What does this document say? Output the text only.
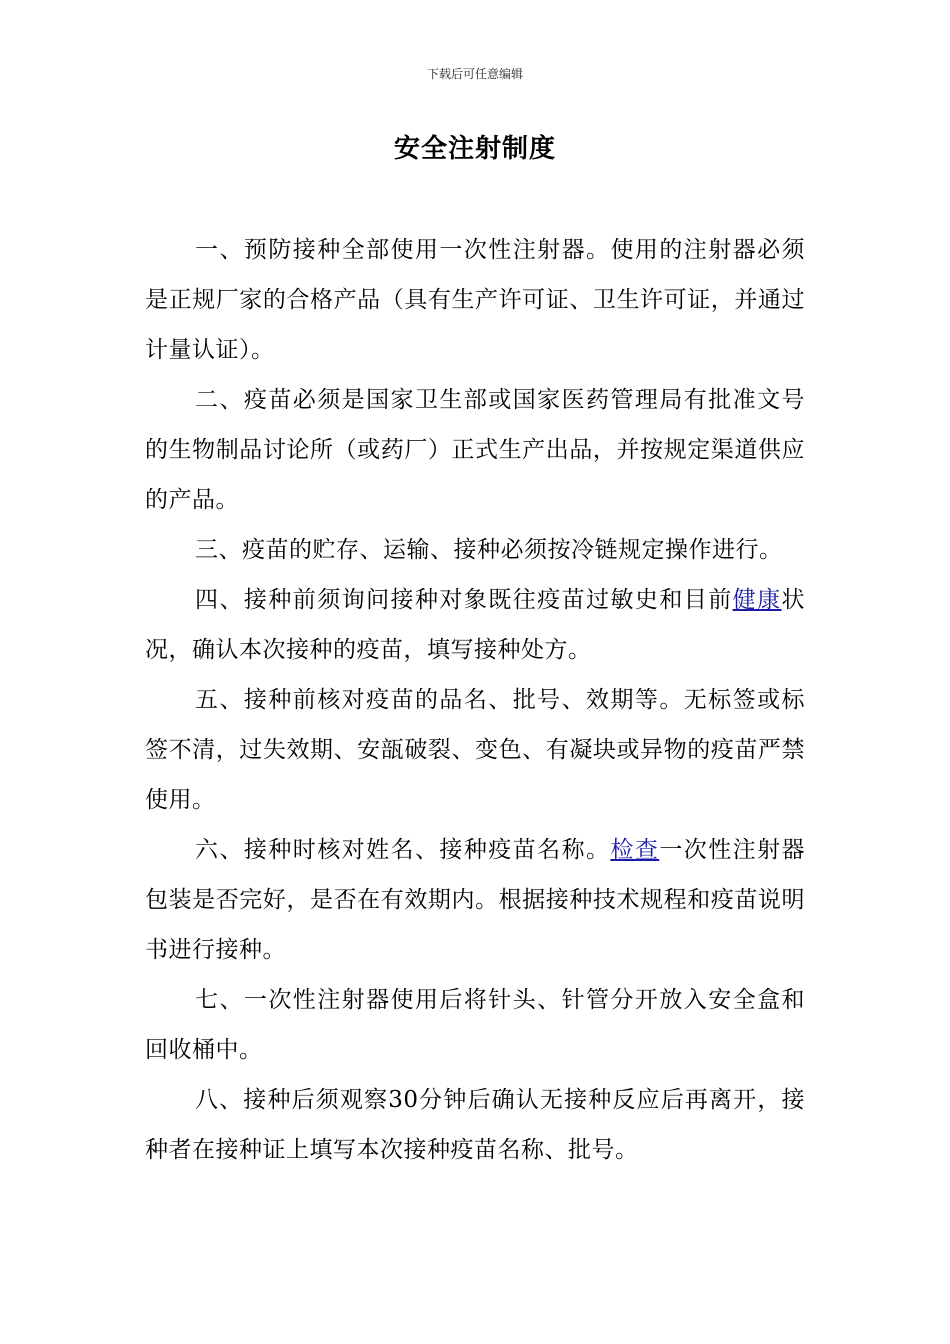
下载后可任意编辑
安全注射制度

一、预防接种全部使用一次性注射器。使用的注射器必须是正规厂家的合格产品（具有生产许可证、卫生许可证，并通过计量认证）。

二、疫苗必须是国家卫生部或国家医药管理局有批准文号的生物制品讨论所（或药厂）正式生产出品，并按规定渠道供应的产品。

三、疫苗的贮存、运输、接种必须按冷链规定操作进行。

四、接种前须询问接种对象既往疫苗过敏史和目前健康状况，确认本次接种的疫苗，填写接种处方。

五、接种前核对疫苗的品名、批号、效期等。无标签或标签不清，过失效期、安瓿破裂、变色、有凝块或异物的疫苗严禁使用。

六、接种时核对姓名、接种疫苗名称。检查一次性注射器包装是否完好，是否在有效期内。根据接种技术规程和疫苗说明书进行接种。

七、一次性注射器使用后将针头、针管分开放入安全盒和回收桶中。

八、接种后须观察30分钟后确认无接种反应后再离开，接种者在接种证上填写本次接种疫苗名称、批号。
